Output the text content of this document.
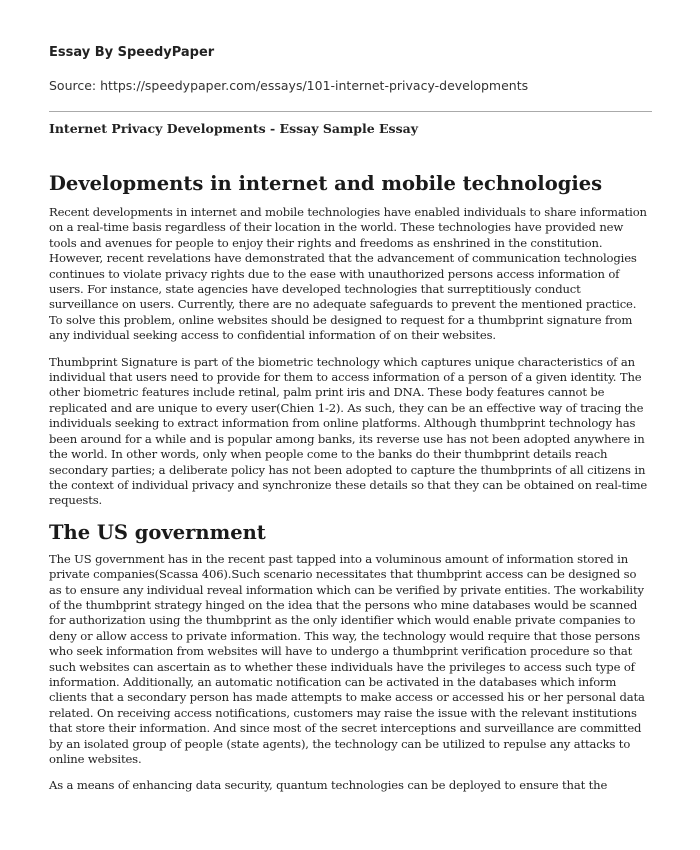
Essay By SpeedyPaper
Source: https://speedypaper.com/essays/101-internet-privacy-developments
Internet Privacy Developments - Essay Sample Essay
Developments in internet and mobile technologies

Recent developments in internet and mobile technologies have enabled individuals to share information on a real-time basis regardless of their location in the world. These technologies have provided new tools and avenues for people to enjoy their rights and freedoms as enshrined in the constitution. However, recent revelations have demonstrated that the advancement of communication technologies continues to violate privacy rights due to the ease with unauthorized persons access information of users. For instance, state agencies have developed technologies that surreptitiously conduct surveillance on users. Currently, there are no adequate safeguards to prevent the mentioned practice. To solve this problem, online websites should be designed to request for a thumbprint signature from any individual seeking access to confidential information of on their websites.

Thumbprint Signature is part of the biometric technology which captures unique characteristics of an individual that users need to provide for them to access information of a person of a given identity. The other biometric features include retinal, palm print iris and DNA. These body features cannot be replicated and are unique to every user(Chien 1-2). As such, they can be an effective way of tracing the individuals seeking to extract information from online platforms. Although thumbprint technology has been around for a while and is popular among banks, its reverse use has not been adopted anywhere in the world. In other words, only when people come to the banks do their thumbprint details reach secondary parties; a deliberate policy has not been adopted to capture the thumbprints of all citizens in the context of individual privacy and synchronize these details so that they can be obtained on real-time requests.

The US government

The US government has in the recent past tapped into a voluminous amount of information stored in private companies(Scassa 406).Such scenario necessitates that thumbprint access can be designed so as to ensure any individual reveal information which can be verified by private entities. The workability of the thumbprint strategy hinged on the idea that the persons who mine databases would be scanned for authorization using the thumbprint as the only identifier which would enable private companies to deny or allow access to private information. This way, the technology would require that those persons who seek information from websites will have to undergo a thumbprint verification procedure so that such websites can ascertain as to whether these individuals have the privileges to access such type of information. Additionally, an automatic notification can be activated in the databases which inform clients that a secondary person has made attempts to make access or accessed his or her personal data related. On receiving access notifications, customers may raise the issue with the relevant institutions that store their information. And since most of the secret interceptions and surveillance are committed by an isolated group of people (state agents), the technology can be utilized to repulse any attacks to online websites.

As a means of enhancing data security, quantum technologies can be deployed to ensure that the
